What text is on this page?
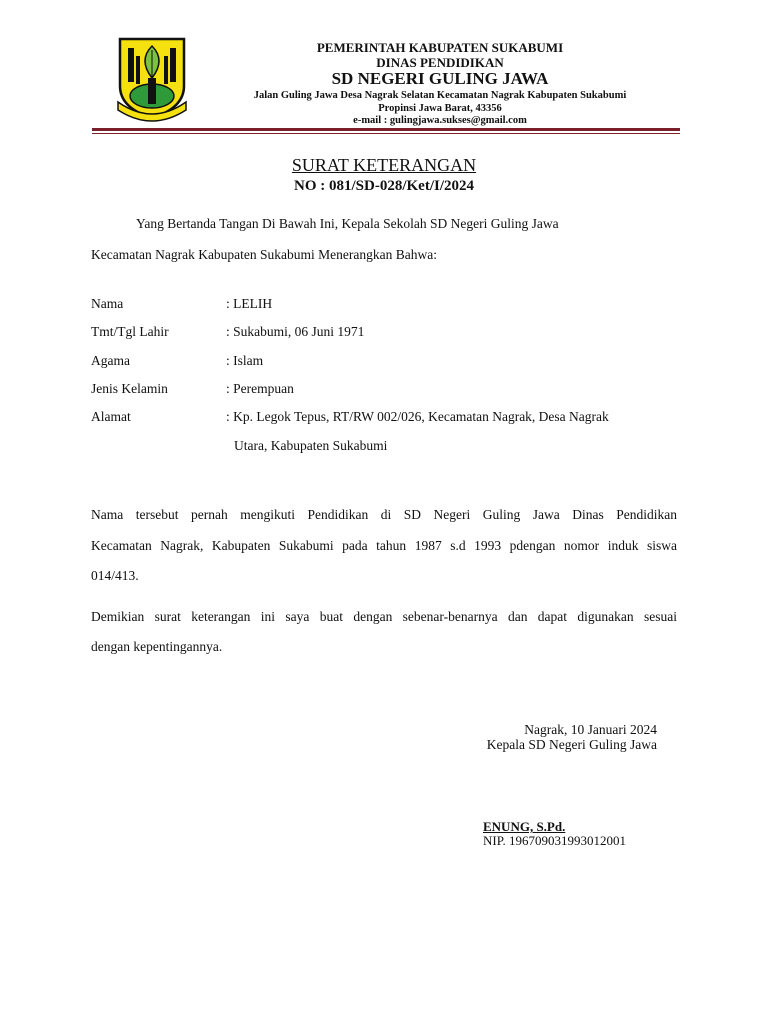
PEMERINTAH KABUPATEN SUKABUMI
DINAS PENDIDIKAN
SD NEGERI GULING JAWA
Jalan Guling Jawa Desa Nagrak Selatan Kecamatan Nagrak Kabupaten Sukabumi
Propinsi Jawa Barat, 43356
e-mail : gulingjawa.sukses@gmail.com
SURAT KETERANGAN
NO : 081/SD-028/Ket/I/2024
Yang Bertanda Tangan Di Bawah Ini, Kepala Sekolah SD Negeri Guling Jawa
Kecamatan Nagrak Kabupaten Sukabumi Menerangkan Bahwa:
Nama	: LELIH
Tmt/Tgl Lahir	: Sukabumi, 06 Juni 1971
Agama	: Islam
Jenis Kelamin	: Perempuan
Alamat	: Kp. Legok Tepus, RT/RW 002/026, Kecamatan Nagrak, Desa Nagrak
Utara, Kabupaten Sukabumi
Nama tersebut pernah mengikuti Pendidikan di SD Negeri Guling Jawa Dinas Pendidikan
Kecamatan Nagrak, Kabupaten Sukabumi pada tahun 1987 s.d 1993 pdengan nomor induk siswa
014/413.
Demikian surat keterangan ini saya buat dengan sebenar-benarnya dan dapat digunakan sesuai
dengan kepentingannya.
Nagrak, 10 Januari 2024
Kepala SD Negeri Guling Jawa
ENUNG, S.Pd.
NIP. 196709031993012001
